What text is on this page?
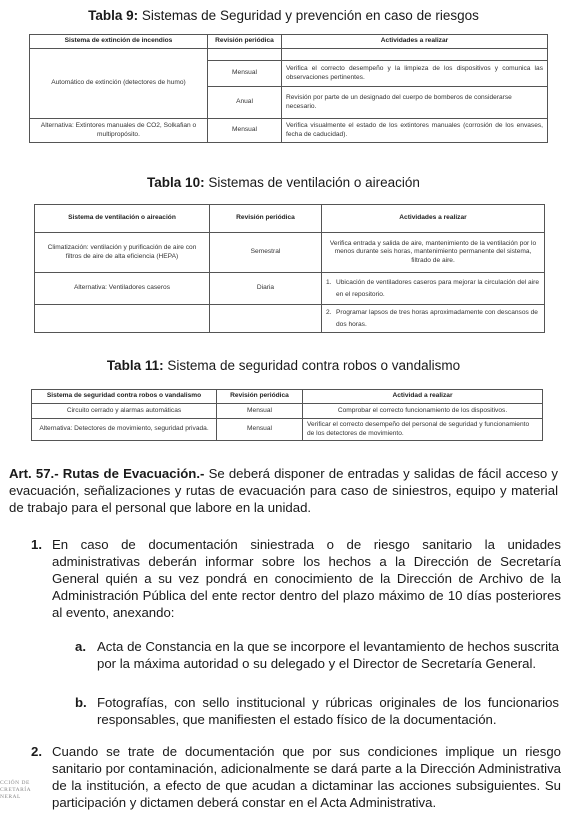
Tabla 9: Sistemas de Seguridad y prevención en caso de riesgos
Sistema de extinción de incendios	Revisión periódica	Actividades a realizar
Automático de extinción (detectores de humo)		
	Mensual	Verifica el correcto desempeño y la limpieza de los dispositivos y comunica las observaciones pertinentes.
	Anual	Revisión por parte de un designado del cuerpo de bomberos de considerarse necesario.
Alternativa: Extintores manuales de CO2, Solkafian o multipropósito.	Mensual	Verifica visualmente el estado de los extintores manuales (corrosión de los envases, fecha de caducidad).
Tabla 10: Sistemas de ventilación o aireación
Sistema de ventilación o aireación	Revisión periódica	Actividades a realizar
Climatización: ventilación y purificación de aire con filtros de aire de alta eficiencia (HEPA)	Semestral	Verifica entrada y salida de aire, mantenimiento de la ventilación por lo menos durante seis horas, mantenimiento permanente del sistema, filtrado de aire.
Alternativa: Ventiladores caseros	Diaria	1. Ubicación de ventiladores caseros para mejorar la circulación del aire en el repositorio.

		2. Programar lapsos de tres horas aproximadamente con descansos de dos horas.
Tabla 11: Sistema de seguridad contra robos o vandalismo
Sistema de seguridad contra robos o vandalismo	Revisión periódica	Actividad a realizar
Circuito cerrado y alarmas automáticas	Mensual	Comprobar el correcto funcionamiento de los dispositivos.
Alternativa: Detectores de movimiento, seguridad privada.	Mensual	Verificar el correcto desempeño del personal de seguridad y funcionamiento de los detectores de movimiento.
Art. 57.- Rutas de Evacuación.- Se deberá disponer de entradas y salidas de fácil acceso y evacuación, señalizaciones y rutas de evacuación para caso de siniestros, equipo y material de trabajo para el personal que labore en la unidad.
1. En caso de documentación siniestrada o de riesgo sanitario la unidades administrativas deberán informar sobre los hechos a la Dirección de Secretaría General quién a su vez pondrá en conocimiento de la Dirección de Archivo de la Administración Pública del ente rector dentro del plazo máximo de 10 días posteriores al evento, anexando:
a. Acta de Constancia en la que se incorpore el levantamiento de hechos suscrita por la máxima autoridad o su delegado y el Director de Secretaría General.
b. Fotografías, con sello institucional y rúbricas originales de los funcionarios responsables, que manifiesten el estado físico de la documentación.
2. Cuando se trate de documentación que por sus condiciones implique un riesgo sanitario por contaminación, adicionalmente se dará parte a la Dirección Administrativa de la institución, a efecto de que acudan a dictaminar las acciones subsiguientes. Su participación y dictamen deberá constar en el Acta Administrativa.
CCIÓN DE
CRETARÍA
NERAL
